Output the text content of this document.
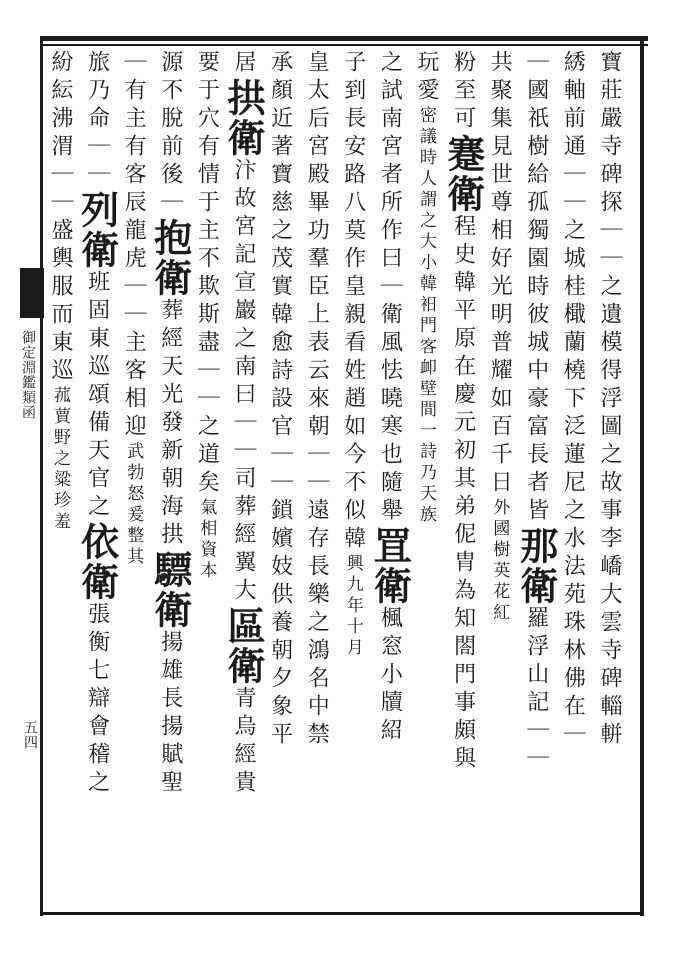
御定淵鑑類函
五四	寶莊嚴寺碑探｜｜之遺模得浮圖之故事李嶠大雲寺碑輜軿
綉軸前通｜｜之城桂檝蘭橈下泛蓮尼之水法苑珠林佛在｜
｜國祇樹給孤獨園時彼城中豪富長者皆那衛羅浮山記｜｜
共聚集見世尊相好光明普耀如百千日外國樹英花紅
粉至可蹇衛程史韓平原在慶元初其弟伲胄為知閤門事頗與
玩愛密議時人謂之大小韓衵門客卹壁間一詩乃天族
之試南宮者所作曰｜衛風怯曉寒也隨舉罝衛楓窓小牘紹
子到長安路八莫作皇親看姓趙如今不似韓興九年十月
皇太后宮殿畢功羣臣上表云來朝｜｜遠存長樂之鴻名中禁
承顏近著寶慈之茂實韓愈詩設官｜｜鎖嬪妓供養朝夕象平
居拱衛汴故宮記宣巖之南曰｜｜司葬經翼大區衛青烏經貴
要于穴有情于主不欺斯盡｜｜之道矣氣相資本
源不脫前後｜抱衛葬經天光發新朝海拱驃衛揚雄長揚賦聖
｜有主有客辰龍虎｜｜主客相迎武勃怒爰整其
旅乃命｜｜列衛班固東巡頌備天官之依衛張衡七辯會稽之
紛紜沸渭｜｜盛輿服而東巡菰蕒野之粱珍羞
